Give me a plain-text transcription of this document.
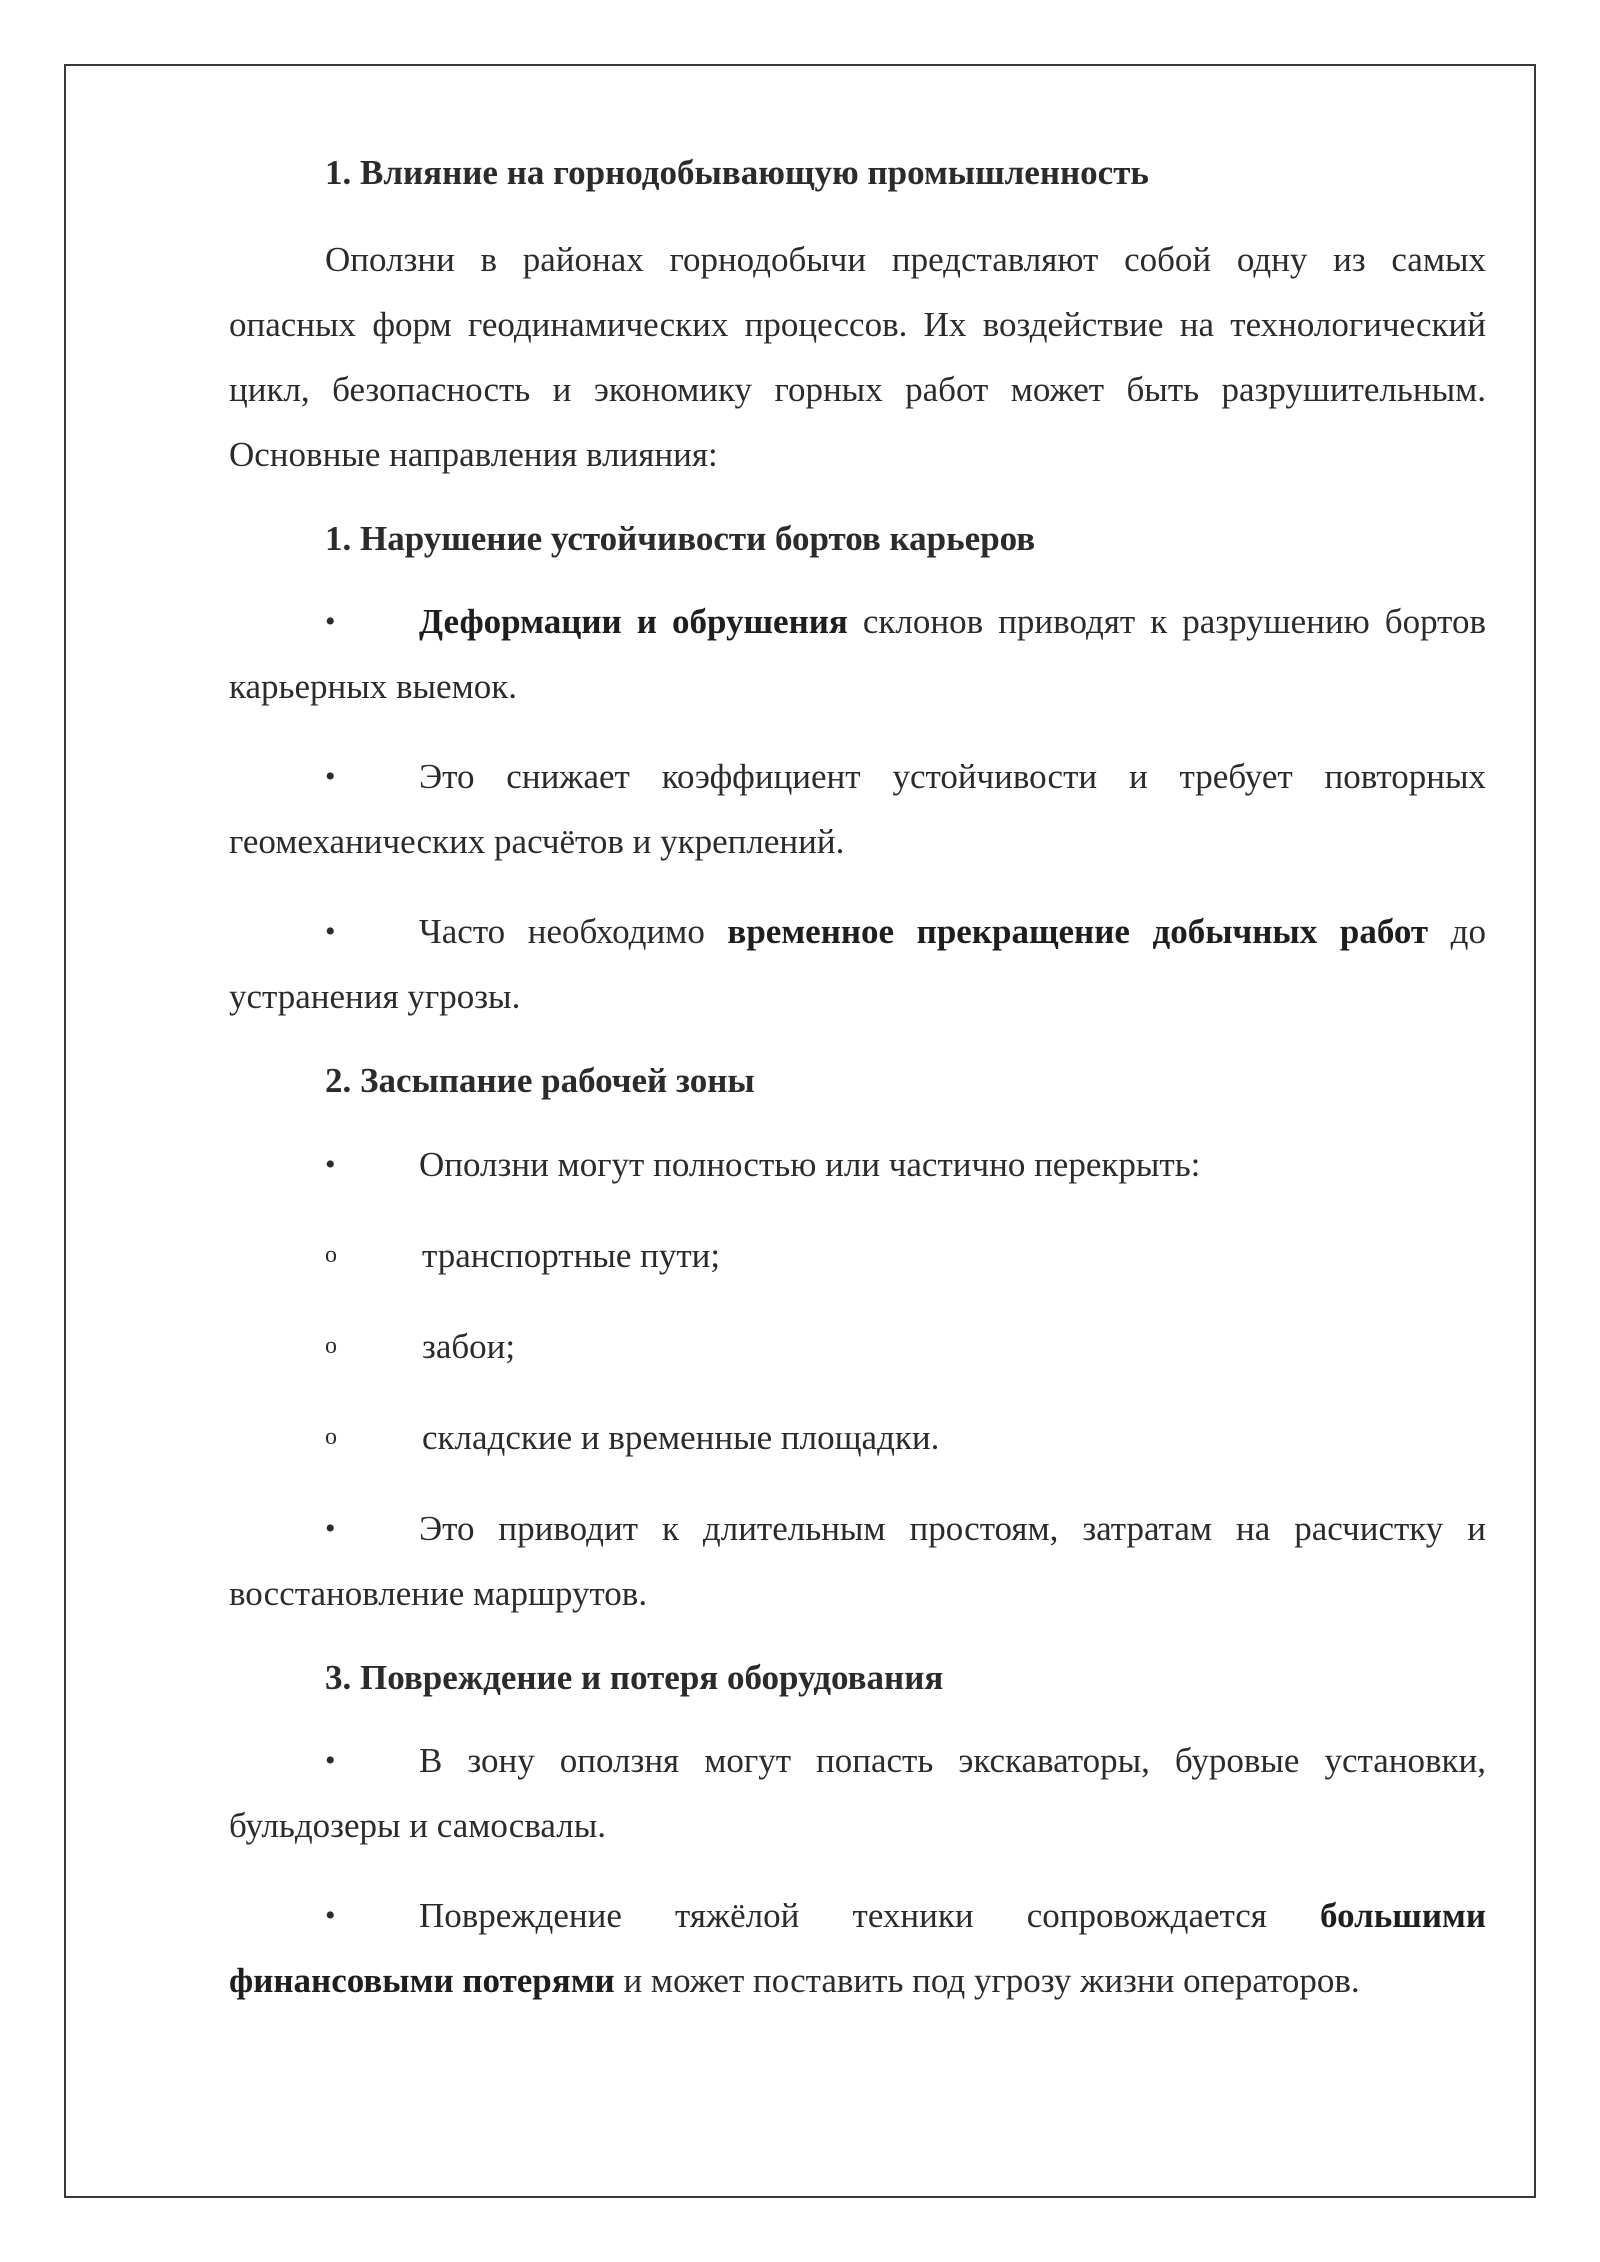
1. Влияние на горнодобывающую промышленность

Оползни в районах горнодобычи представляют собой одну из самых опасных форм геодинамических процессов. Их воздействие на технологический цикл, безопасность и экономику горных работ может быть разрушительным. Основные направления влияния:

1. Нарушение устойчивости бортов карьеров

• Деформации и обрушения склонов приводят к разрушению бортов карьерных выемок.

• Это снижает коэффициент устойчивости и требует повторных геомеханических расчётов и укреплений.

• Часто необходимо временное прекращение добычных работ до устранения угрозы.

2. Засыпание рабочей зоны

• Оползни могут полностью или частично перекрыть:

o транспортные пути;

o забои;

o складские и временные площадки.

• Это приводит к длительным простоям, затратам на расчистку и восстановление маршрутов.

3. Повреждение и потеря оборудования

• В зону оползня могут попасть экскаваторы, буровые установки, бульдозеры и самосвалы.

• Повреждение тяжёлой техники сопровождается большими финансовыми потерями и может поставить под угрозу жизни операторов.
